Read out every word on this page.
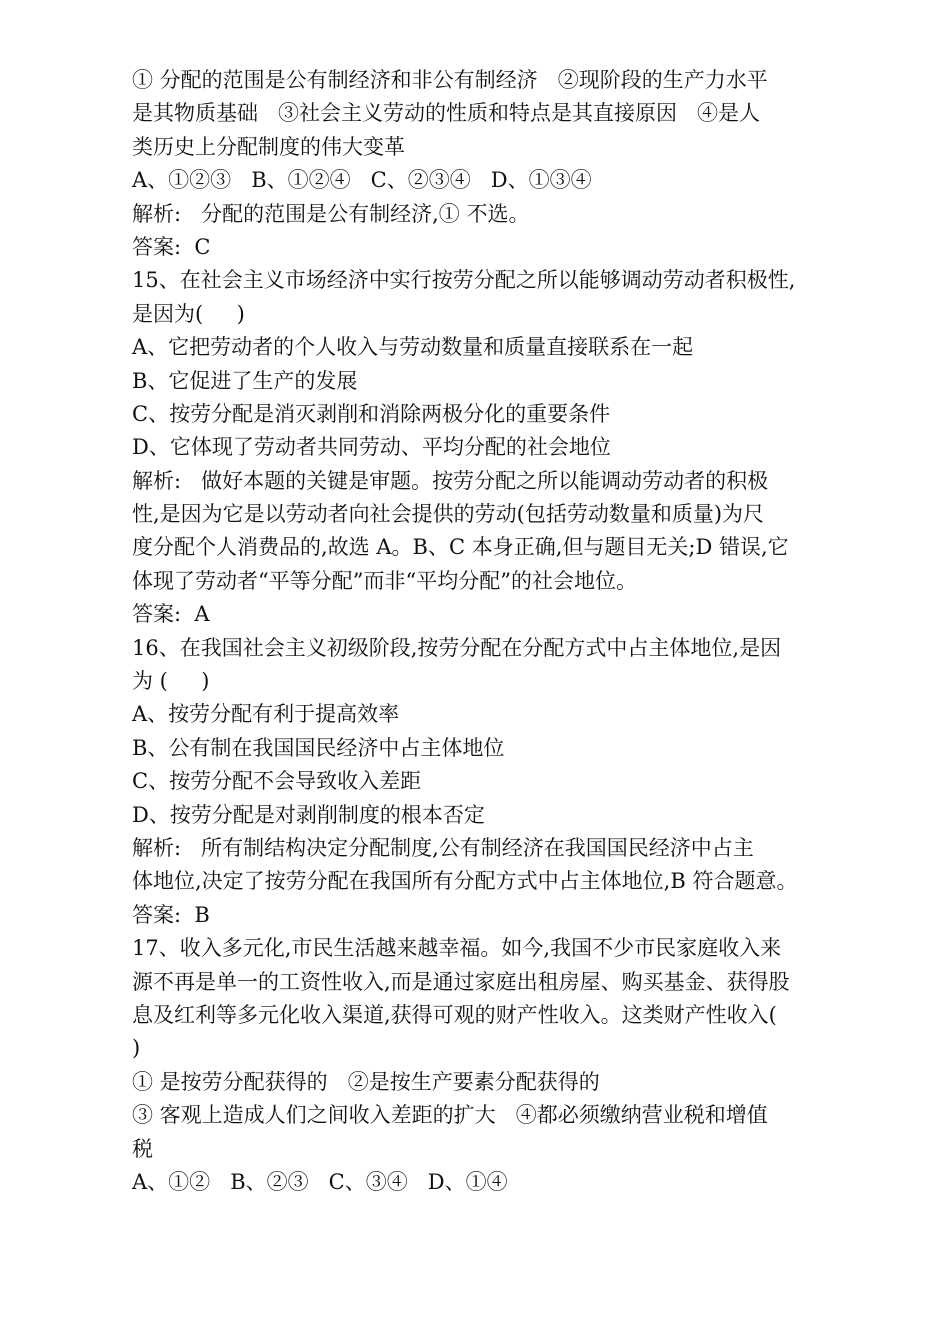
① 分配的范围是公有制经济和非公有制经济   ②现阶段的生产力水平
是其物质基础   ③社会主义劳动的性质和特点是其直接原因   ④是人
类历史上分配制度的伟大变革
A、①②③   B、①②④   C、②③④   D、①③④
解析:   分配的范围是公有制经济,① 不选。
答案:  C
15、在社会主义市场经济中实行按劳分配之所以能够调动劳动者积极性,
是因为(     )
A、它把劳动者的个人收入与劳动数量和质量直接联系在一起
B、它促进了生产的发展
C、按劳分配是消灭剥削和消除两极分化的重要条件
D、它体现了劳动者共同劳动、平均分配的社会地位
解析:   做好本题的关键是审题。按劳分配之所以能调动劳动者的积极
性,是因为它是以劳动者向社会提供的劳动(包括劳动数量和质量)为尺
度分配个人消费品的,故选 A。B、C 本身正确,但与题目无关;D 错误,它
体现了劳动者“平等分配”而非“平均分配”的社会地位。
答案:  A
16、在我国社会主义初级阶段,按劳分配在分配方式中占主体地位,是因
为 (     )
A、按劳分配有利于提高效率
B、公有制在我国国民经济中占主体地位
C、按劳分配不会导致收入差距
D、按劳分配是对剥削制度的根本否定
解析:   所有制结构决定分配制度,公有制经济在我国国民经济中占主
体地位,决定了按劳分配在我国所有分配方式中占主体地位,B 符合题意。
答案:  B
17、收入多元化,市民生活越来越幸福。如今,我国不少市民家庭收入来
源不再是单一的工资性收入,而是通过家庭出租房屋、购买基金、获得股
息及红利等多元化收入渠道,获得可观的财产性收入。这类财产性收入(
)
① 是按劳分配获得的   ②是按生产要素分配获得的
③ 客观上造成人们之间收入差距的扩大   ④都必须缴纳营业税和增值
税
A、①②   B、②③   C、③④   D、①④
